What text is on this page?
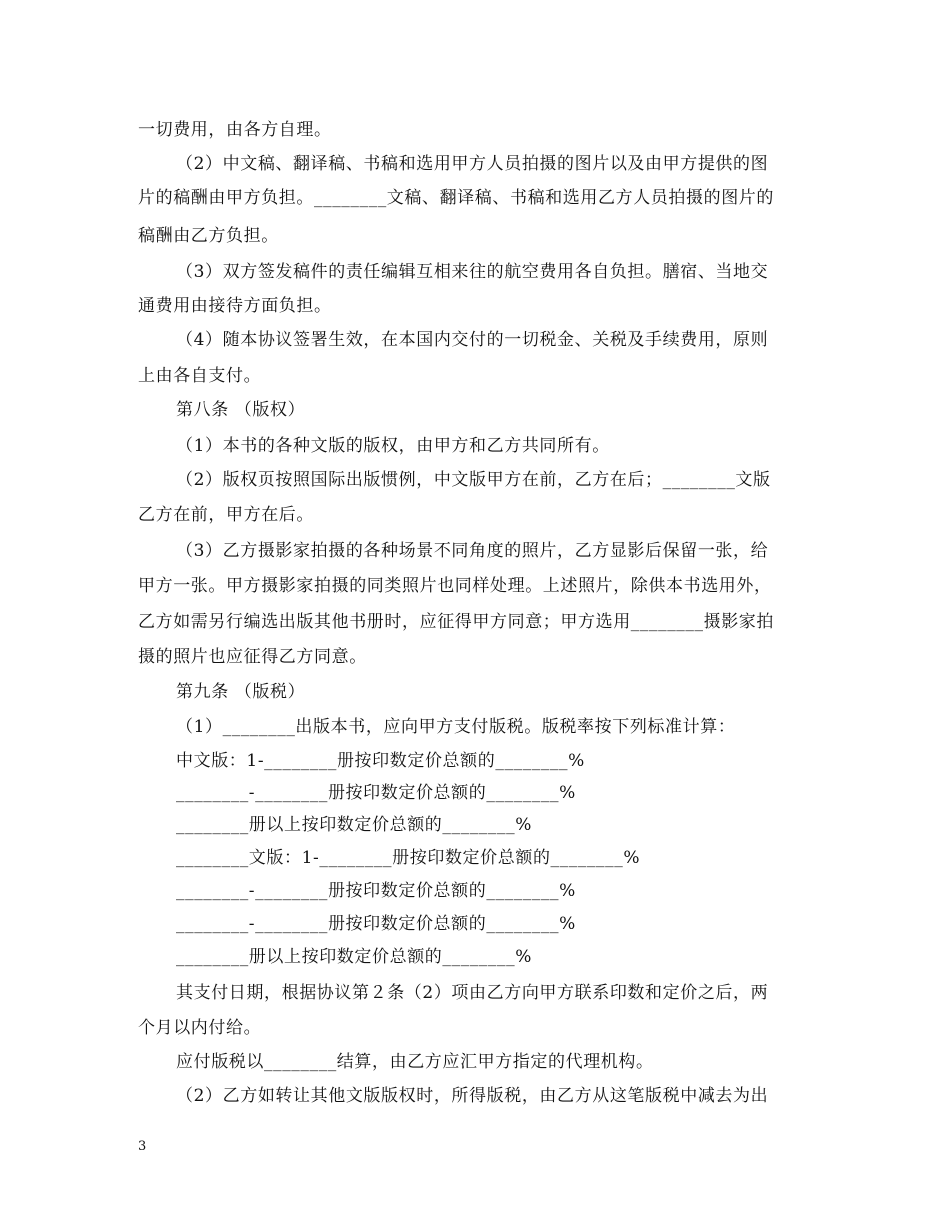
一切费用，由各方自理。
（2）中文稿、翻译稿、书稿和选用甲方人员拍摄的图片以及由甲方提供的图
片的稿酬由甲方负担。________文稿、翻译稿、书稿和选用乙方人员拍摄的图片的
稿酬由乙方负担。
（3）双方签发稿件的责任编辑互相来往的航空费用各自负担。膳宿、当地交
通费用由接待方面负担。
（4）随本协议签署生效，在本国内交付的一切税金、关税及手续费用，原则
上由各自支付。
第八条 （版权）
（1）本书的各种文版的版权，由甲方和乙方共同所有。
（2）版权页按照国际出版惯例，中文版甲方在前，乙方在后；________文版
乙方在前，甲方在后。
（3）乙方摄影家拍摄的各种场景不同角度的照片，乙方显影后保留一张，给
甲方一张。甲方摄影家拍摄的同类照片也同样处理。上述照片，除供本书选用外，
乙方如需另行编选出版其他书册时，应征得甲方同意；甲方选用________摄影家拍
摄的照片也应征得乙方同意。
第九条 （版税）
（1）________出版本书，应向甲方支付版税。版税率按下列标准计算：
中文版：1-________册按印数定价总额的________%
________-________册按印数定价总额的________%
________册以上按印数定价总额的________%
________文版：1-________册按印数定价总额的________%
________-________册按印数定价总额的________%
________-________册按印数定价总额的________%
________册以上按印数定价总额的________%
其支付日期，根据协议第２条（2）项由乙方向甲方联系印数和定价之后，两
个月以内付给。
应付版税以________结算，由乙方应汇甲方指定的代理机构。
（2）乙方如转让其他文版版权时，所得版税，由乙方从这笔版税中减去为出
3
